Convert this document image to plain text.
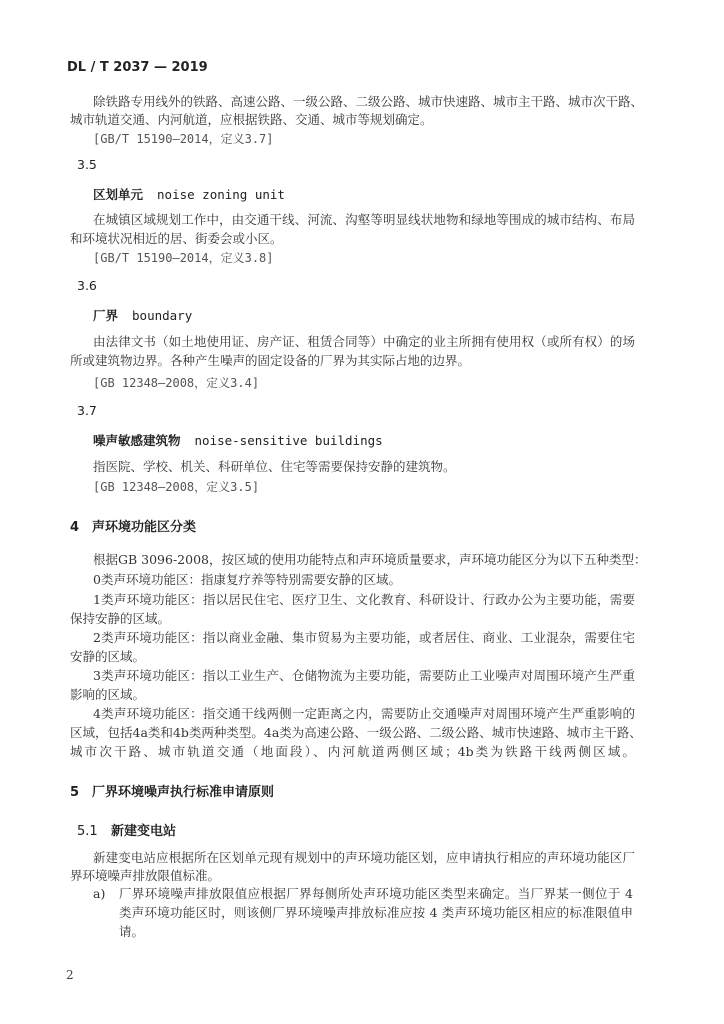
DL / T 2037 — 2019
除铁路专用线外的铁路、高速公路、一级公路、二级公路、城市快速路、城市主干路、城市次干路、
城市轨道交通、内河航道，应根据铁路、交通、城市等规划确定。
[GB/T 15190—2014，定义3.7]
3.5
区划单元 noise zoning unit
在城镇区域规划工作中，由交通干线、河流、沟壑等明显线状地物和绿地等围成的城市结构、布局
和环境状况相近的居、街委会或小区。
[GB/T 15190—2014，定义3.8]
3.6
厂界 boundary
由法律文书（如土地使用证、房产证、租赁合同等）中确定的业主所拥有使用权（或所有权）的场
所或建筑物边界。各种产生噪声的固定设备的厂界为其实际占地的边界。
[GB 12348—2008，定义3.4]
3.7
噪声敏感建筑物 noise-sensitive buildings
指医院、学校、机关、科研单位、住宅等需要保持安静的建筑物。
[GB 12348—2008，定义3.5]
4 声环境功能区分类
根据GB 3096-2008，按区域的使用功能特点和声环境质量要求，声环境功能区分为以下五种类型：
0类声环境功能区：指康复疗养等特别需要安静的区域。
1类声环境功能区：指以居民住宅、医疗卫生、文化教育、科研设计、行政办公为主要功能，需要
保持安静的区域。
2类声环境功能区：指以商业金融、集市贸易为主要功能，或者居住、商业、工业混杂，需要住宅
安静的区域。
3类声环境功能区：指以工业生产、仓储物流为主要功能，需要防止工业噪声对周围环境产生严重
影响的区域。
4类声环境功能区：指交通干线两侧一定距离之内，需要防止交通噪声对周围环境产生严重影响的
区域，包括4a类和4b类两种类型。4a类为高速公路、一级公路、二级公路、城市快速路、城市主干路、
城市次干路、城市轨道交通（地面段）、内河航道两侧区域；4b类为铁路干线两侧区域。
5 厂界环境噪声执行标准申请原则
5.1 新建变电站
新建变电站应根据所在区划单元现有规划中的声环境功能区划，应申请执行相应的声环境功能区厂
界环境噪声排放限值标准。
a) 厂界环境噪声排放限值应根据厂界每侧所处声环境功能区类型来确定。当厂界某一侧位于 4
类声环境功能区时，则该侧厂界环境噪声排放标准应按 4 类声环境功能区相应的标准限值申
请。
2
